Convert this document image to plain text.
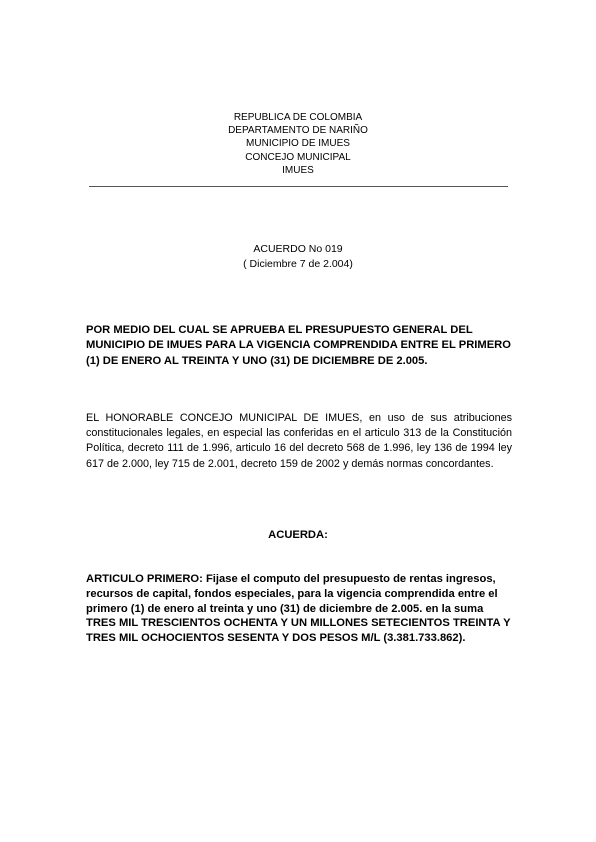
REPUBLICA DE COLOMBIA
DEPARTAMENTO DE NARIÑO
MUNICIPIO DE IMUES
CONCEJO MUNICIPAL
IMUES
ACUERDO No 019
( Diciembre 7 de 2.004)
POR MEDIO DEL CUAL SE APRUEBA EL PRESUPUESTO GENERAL DEL MUNICIPIO DE IMUES PARA LA VIGENCIA COMPRENDIDA ENTRE EL PRIMERO (1) DE ENERO AL TREINTA Y UNO (31) DE DICIEMBRE DE 2.005.
EL HONORABLE CONCEJO MUNICIPAL DE IMUES, en uso de sus atribuciones constitucionales legales, en especial las conferidas en el articulo 313 de la Constitución Política, decreto 111 de 1.996, articulo 16 del decreto 568 de 1.996, ley 136 de 1994 ley 617 de 2.000, ley 715 de 2.001, decreto 159 de 2002 y demás normas concordantes.
ACUERDA:
ARTICULO PRIMERO: Fijase el computo del presupuesto de rentas ingresos, recursos de capital, fondos especiales, para la vigencia comprendida entre el primero (1) de enero al treinta y uno (31) de diciembre de 2.005. en la suma TRES MIL TRESCIENTOS OCHENTA Y UN MILLONES SETECIENTOS TREINTA Y TRES MIL OCHOCIENTOS SESENTA Y DOS PESOS M/L (3.381.733.862).
